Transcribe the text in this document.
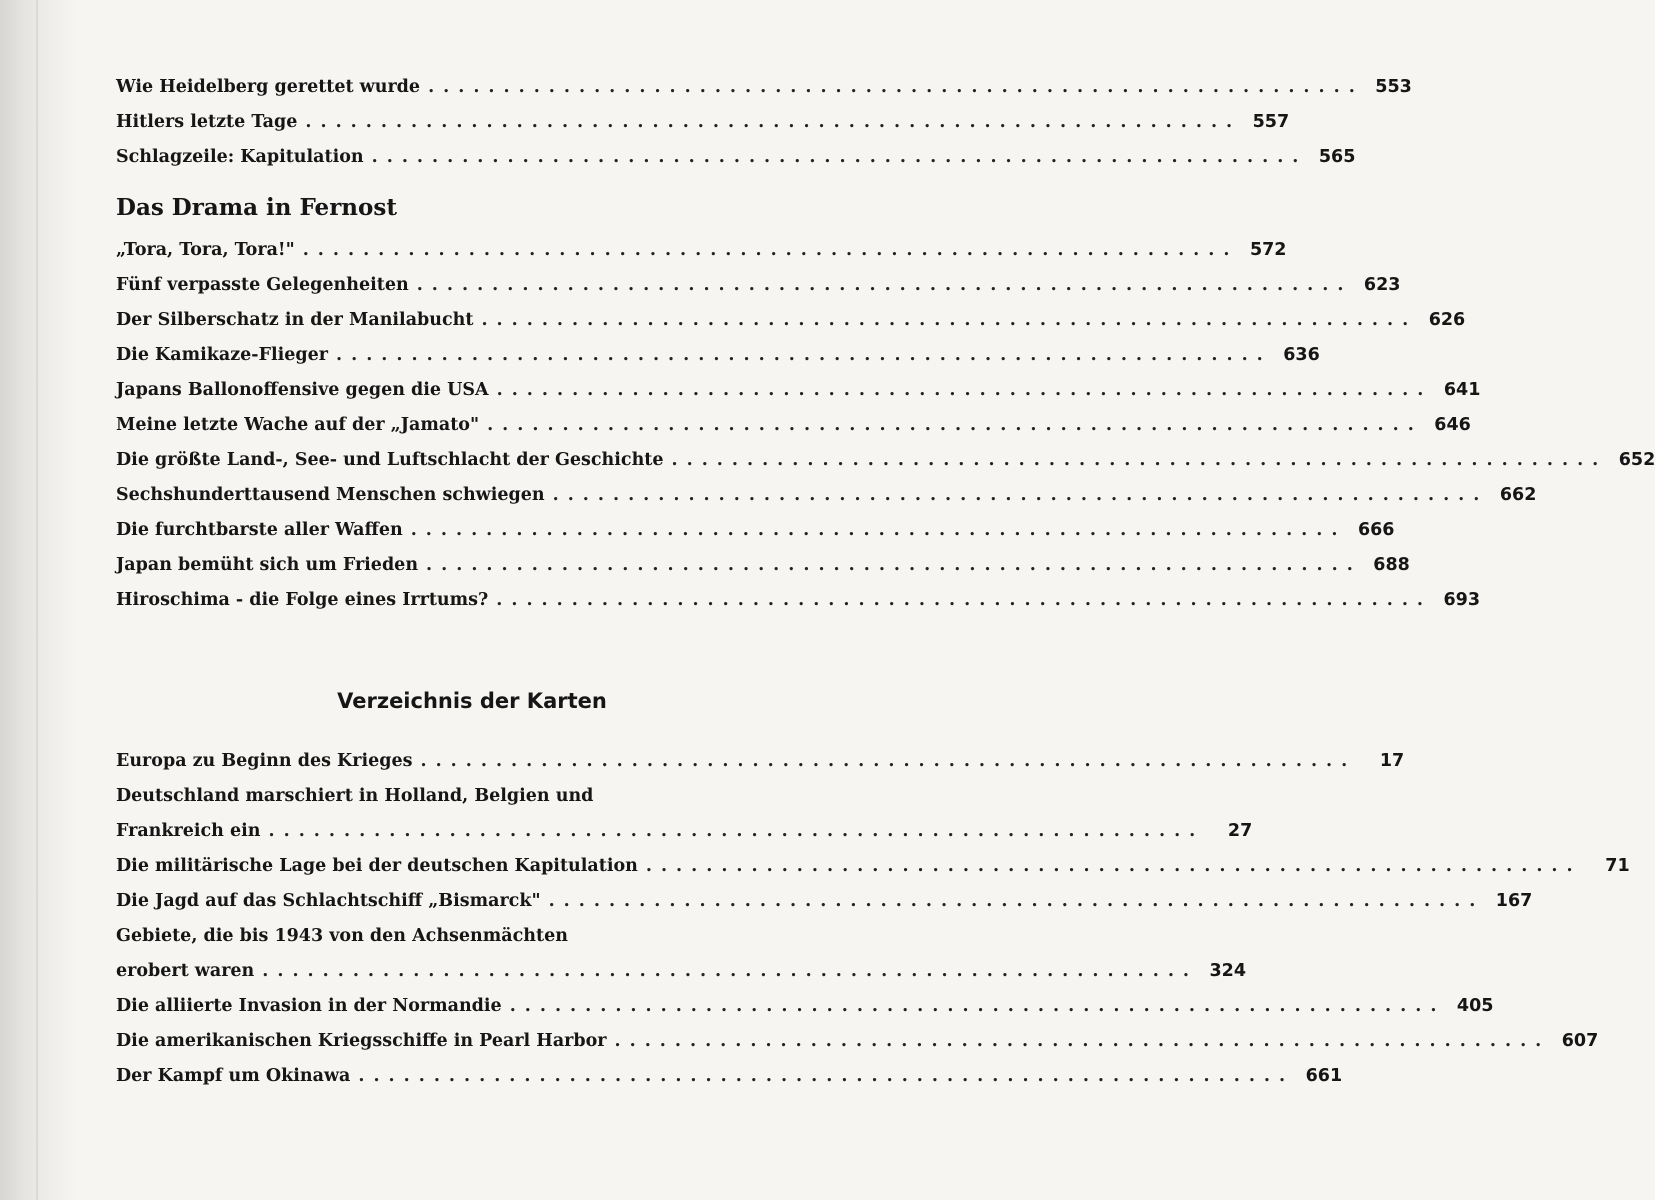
Wie Heidelberg gerettet wurde .............................................................. 553
Hitlers letzte Tage .............................................................. 557
Schlagzeile: Kapitulation .............................................................. 565
Das Drama in Fernost
„Tora, Tora, Tora!" .............................................................. 572
Fünf verpasste Gelegenheiten .............................................................. 623
Der Silberschatz in der Manilabucht .............................................................. 626
Die Kamikaze-Flieger .............................................................. 636
Japans Ballonoffensive gegen die USA .............................................................. 641
Meine letzte Wache auf der „Jamato" .............................................................. 646
Die größte Land-, See- und Luftschlacht der Geschichte .............................................................. 652
Sechshunderttausend Menschen schwiegen .............................................................. 662
Die furchtbarste aller Waffen .............................................................. 666
Japan bemüht sich um Frieden .............................................................. 688
Hiroschima - die Folge eines Irrtums? .............................................................. 693
Verzeichnis der Karten
Europa zu Beginn des Krieges ..............................................................	17
Deutschland marschiert in Holland, Belgien und
Frankreich ein ..............................................................	27
Die militärische Lage bei der deutschen Kapitulation ..............................................................	71
Die Jagd auf das Schlachtschiff „Bismarck" .............................................................. 167
Gebiete, die bis 1943 von den Achsenmächten
erobert waren .............................................................. 324
Die alliierte Invasion in der Normandie .............................................................. 405
Die amerikanischen Kriegsschiffe in Pearl Harbor .............................................................. 607
Der Kampf um Okinawa .............................................................. 661
